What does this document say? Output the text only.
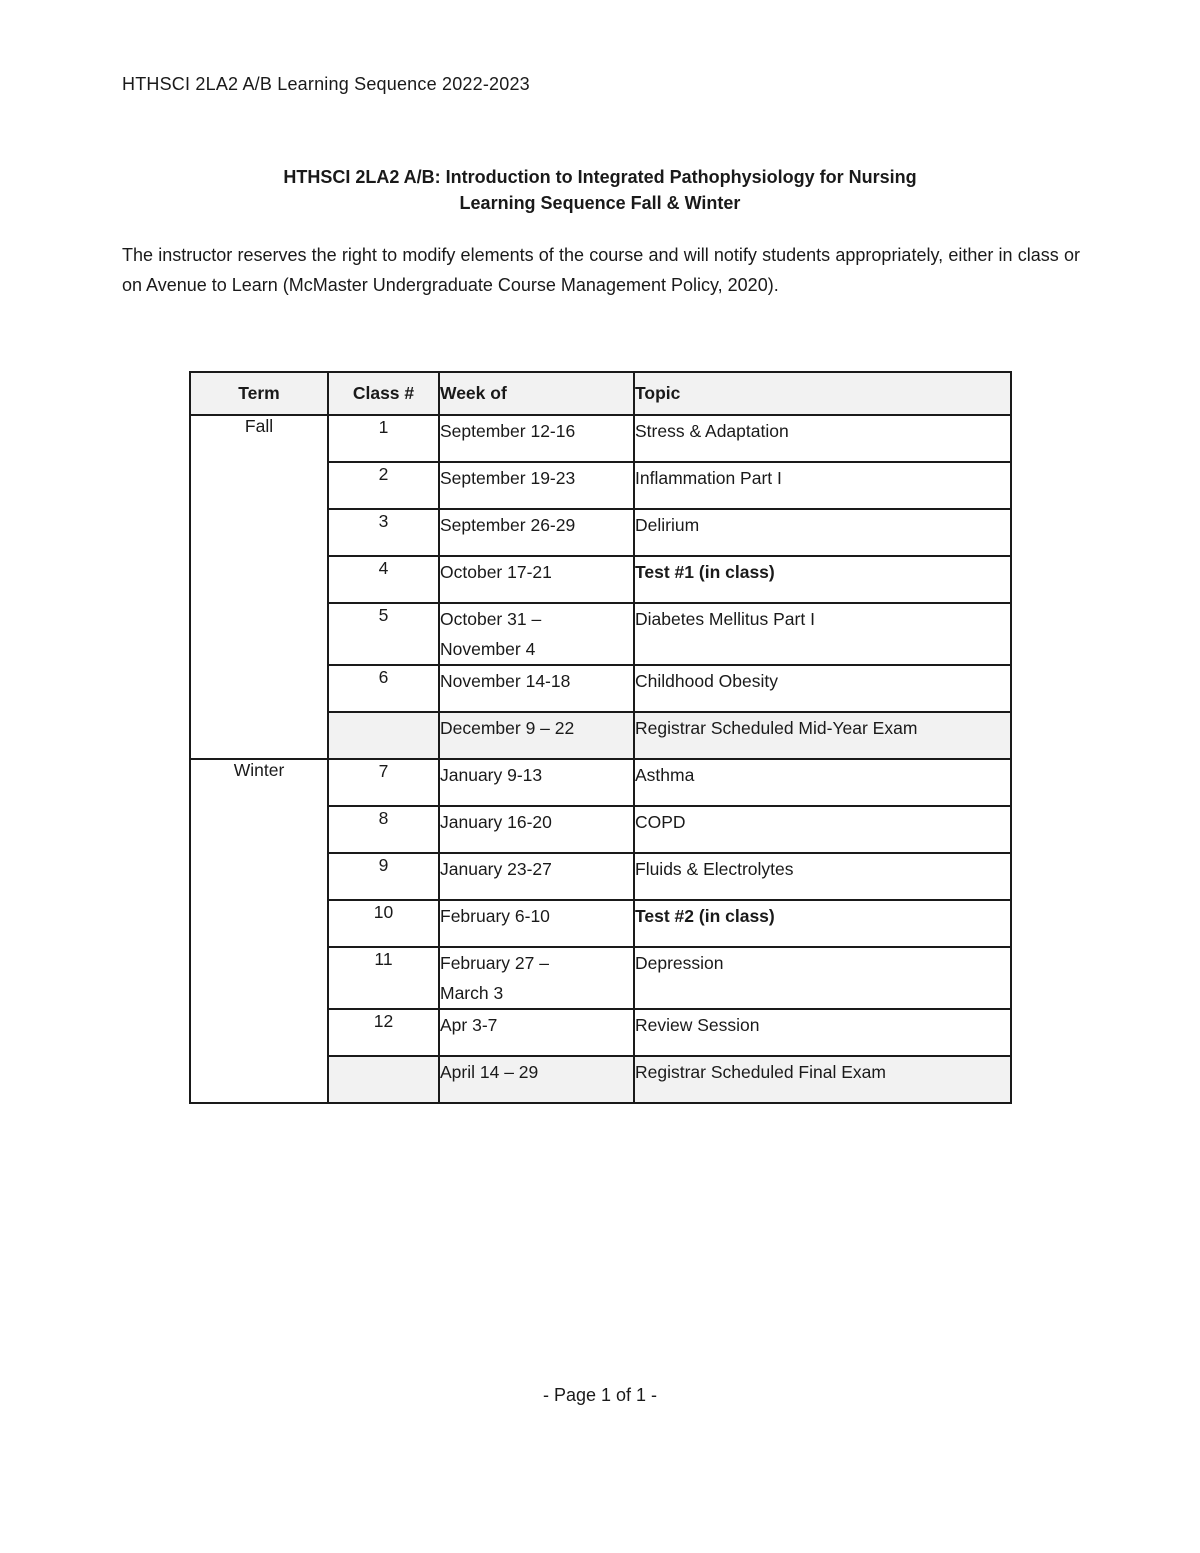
HTHSCI 2LA2 A/B Learning Sequence 2022-2023
HTHSCI 2LA2 A/B: Introduction to Integrated Pathophysiology for Nursing
Learning Sequence Fall & Winter
The instructor reserves the right to modify elements of the course and will notify students appropriately, either in class or on Avenue to Learn (McMaster Undergraduate Course Management Policy, 2020).
Term	Class #	Week of	Topic
Fall	1	September 12-16	Stress & Adaptation
	2	September 19-23	Inflammation Part I
	3	September 26-29	Delirium
	4	October 17-21	Test #1 (in class)
	5	October 31 – November 4	Diabetes Mellitus Part I
	6	November 14-18	Childhood Obesity
		December 9 – 22	Registrar Scheduled Mid-Year Exam
Winter	7	January 9-13	Asthma
	8	January 16-20	COPD
	9	January 23-27	Fluids & Electrolytes
	10	February 6-10	Test #2 (in class)
	11	February 27 – March 3	Depression
	12	Apr 3-7	Review Session
		April 14 – 29	Registrar Scheduled Final Exam
- Page 1 of 1 -
